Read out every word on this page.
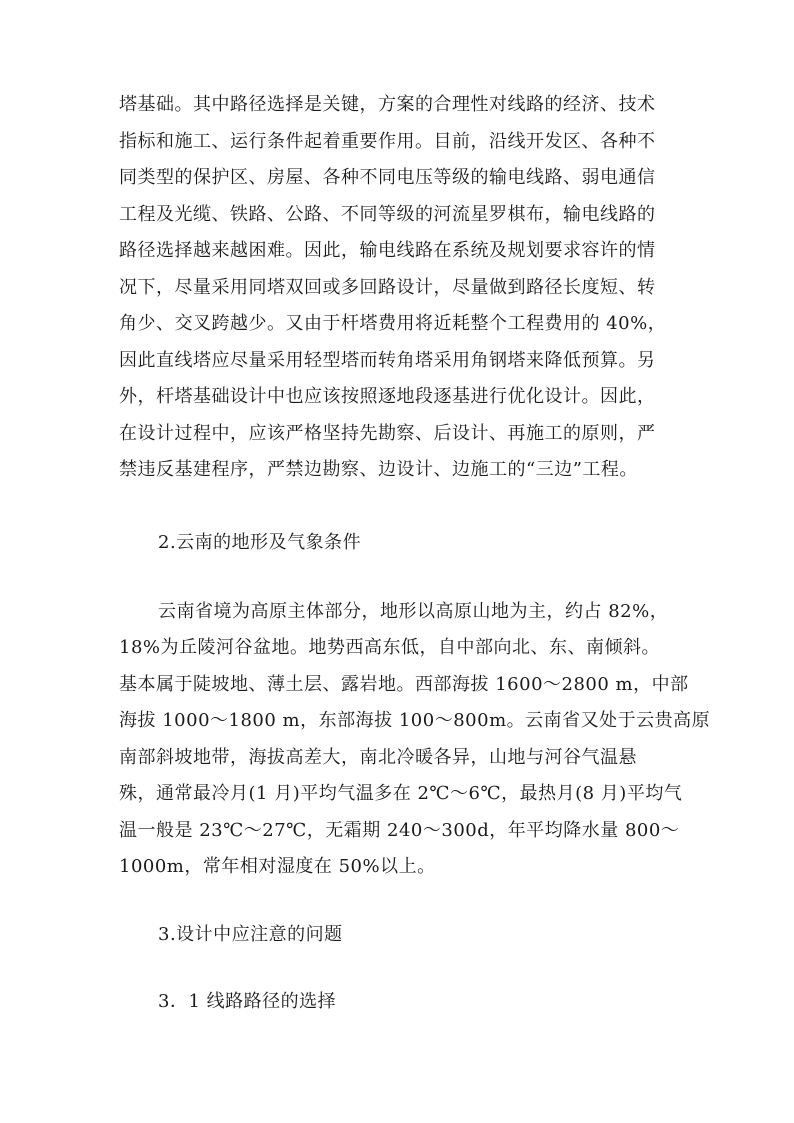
塔基础。其中路径选择是关键，方案的合理性对线路的经济、技术
指标和施工、运行条件起着重要作用。目前，沿线开发区、各种不
同类型的保护区、房屋、各种不同电压等级的输电线路、弱电通信
工程及光缆、铁路、公路、不同等级的河流星罗棋布，输电线路的
路径选择越来越困难。因此，输电线路在系统及规划要求容许的情
况下，尽量采用同塔双回或多回路设计，尽量做到路径长度短、转
角少、交叉跨越少。又由于杆塔费用将近耗整个工程费用的 40%，
因此直线塔应尽量采用轻型塔而转角塔采用角钢塔来降低预算。另
外，杆塔基础设计中也应该按照逐地段逐基进行优化设计。因此，
在设计过程中，应该严格坚持先勘察、后设计、再施工的原则，严
禁违反基建程序，严禁边勘察、边设计、边施工的“三边”工程。
2.云南的地形及气象条件
云南省境为高原主体部分，地形以高原山地为主，约占 82%，
18%为丘陵河谷盆地。地势西高东低，自中部向北、东、南倾斜。
基本属于陡坡地、薄土层、露岩地。西部海拔 1600～2800 m，中部
海拔 1000～1800 m，东部海拔 100～800m。云南省又处于云贵高原
南部斜坡地带，海拔高差大，南北冷暖各异，山地与河谷气温悬
殊，通常最冷月(1 月)平均气温多在 2℃～6℃，最热月(8 月)平均气
温一般是 23℃～27℃，无霜期 240～300d，年平均降水量 800～
1000m，常年相对湿度在 50%以上。
3.设计中应注意的问题
3．1 线路路径的选择
